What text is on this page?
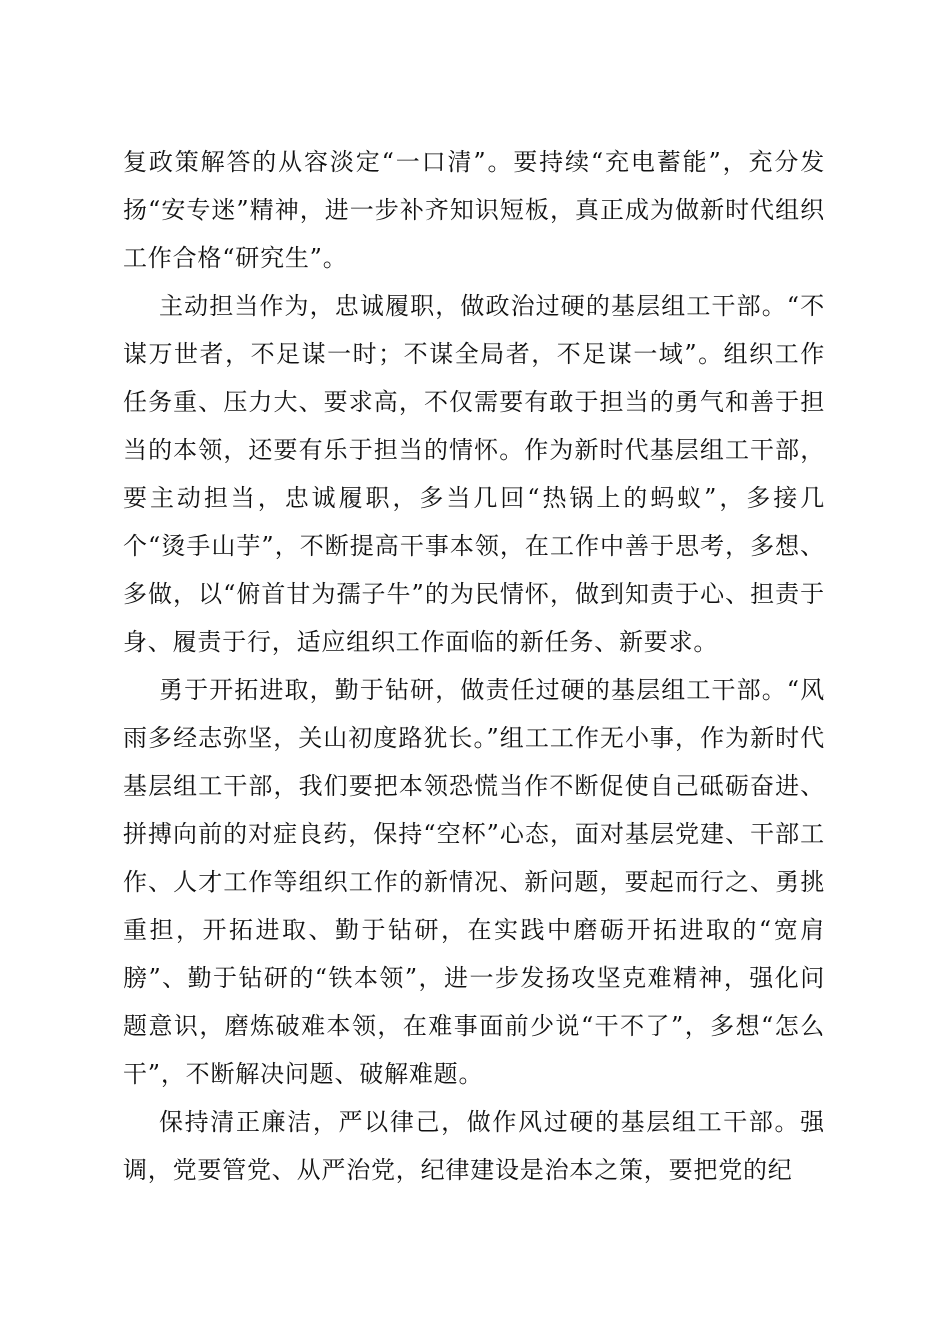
复政策解答的从容淡定“一口清”。要持续“充电蓄能”，充分发扬“安专迷”精神，进一步补齐知识短板，真正成为做新时代组织工作合格“研究生”。

主动担当作为，忠诚履职，做政治过硬的基层组工干部。“不谋万世者，不足谋一时；不谋全局者，不足谋一域”。组织工作任务重、压力大、要求高，不仅需要有敢于担当的勇气和善于担当的本领，还要有乐于担当的情怀。作为新时代基层组工干部，要主动担当，忠诚履职，多当几回“热锅上的蚂蚁”，多接几个“烫手山芋”，不断提高干事本领，在工作中善于思考，多想、多做，以“俯首甘为孺子牛”的为民情怀，做到知责于心、担责于身、履责于行，适应组织工作面临的新任务、新要求。

勇于开拓进取，勤于钻研，做责任过硬的基层组工干部。“风雨多经志弥坚，关山初度路犹长。”组工工作无小事，作为新时代基层组工干部，我们要把本领恐慌当作不断促使自己砥砺奋进、拼搏向前的对症良药，保持“空杯”心态，面对基层党建、干部工作、人才工作等组织工作的新情况、新问题，要起而行之、勇挑重担，开拓进取、勤于钻研，在实践中磨砺开拓进取的“宽肩膀”、勤于钻研的“铁本领”，进一步发扬攻坚克难精神，强化问题意识，磨炼破难本领，在难事面前少说“干不了”，多想“怎么干”，不断解决问题、破解难题。

保持清正廉洁，严以律己，做作风过硬的基层组工干部。强调，党要管党、从严治党，纪律建设是治本之策，要把党的纪
